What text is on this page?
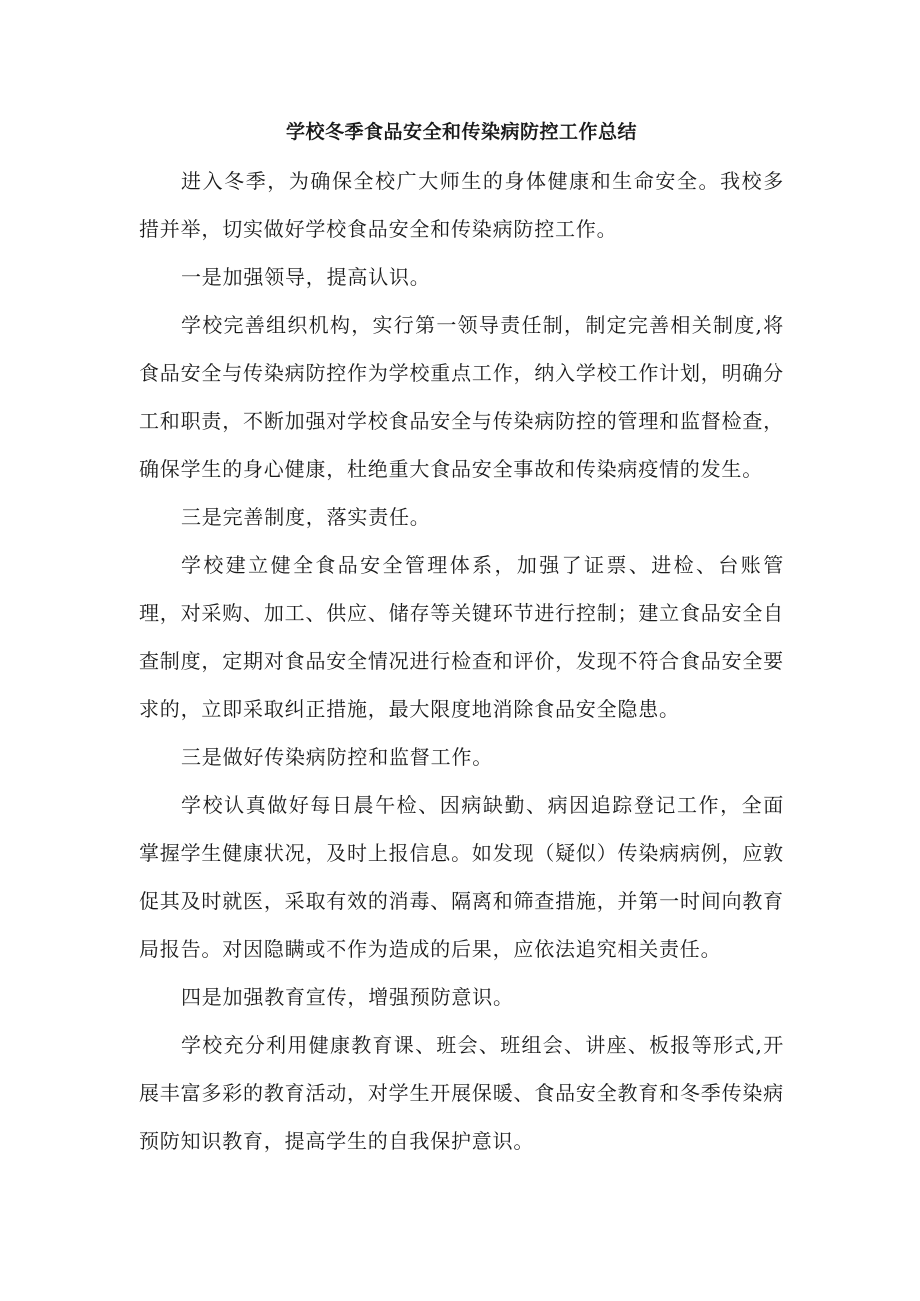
学校冬季食品安全和传染病防控工作总结

进入冬季，为确保全校广大师生的身体健康和生命安全。我校多措并举，切实做好学校食品安全和传染病防控工作。

一是加强领导，提高认识。

学校完善组织机构，实行第一领导责任制，制定完善相关制度,将食品安全与传染病防控作为学校重点工作，纳入学校工作计划，明确分工和职责，不断加强对学校食品安全与传染病防控的管理和监督检查，确保学生的身心健康，杜绝重大食品安全事故和传染病疫情的发生。

三是完善制度，落实责任。

学校建立健全食品安全管理体系，加强了证票、进检、台账管理，对采购、加工、供应、储存等关键环节进行控制；建立食品安全自查制度，定期对食品安全情况进行检查和评价，发现不符合食品安全要求的，立即采取纠正措施，最大限度地消除食品安全隐患。

三是做好传染病防控和监督工作。

学校认真做好每日晨午检、因病缺勤、病因追踪登记工作，全面掌握学生健康状况，及时上报信息。如发现（疑似）传染病病例，应敦促其及时就医，采取有效的消毒、隔离和筛查措施，并第一时间向教育局报告。对因隐瞒或不作为造成的后果，应依法追究相关责任。

四是加强教育宣传，增强预防意识。

学校充分利用健康教育课、班会、班组会、讲座、板报等形式,开展丰富多彩的教育活动，对学生开展保暖、食品安全教育和冬季传染病预防知识教育，提高学生的自我保护意识。
